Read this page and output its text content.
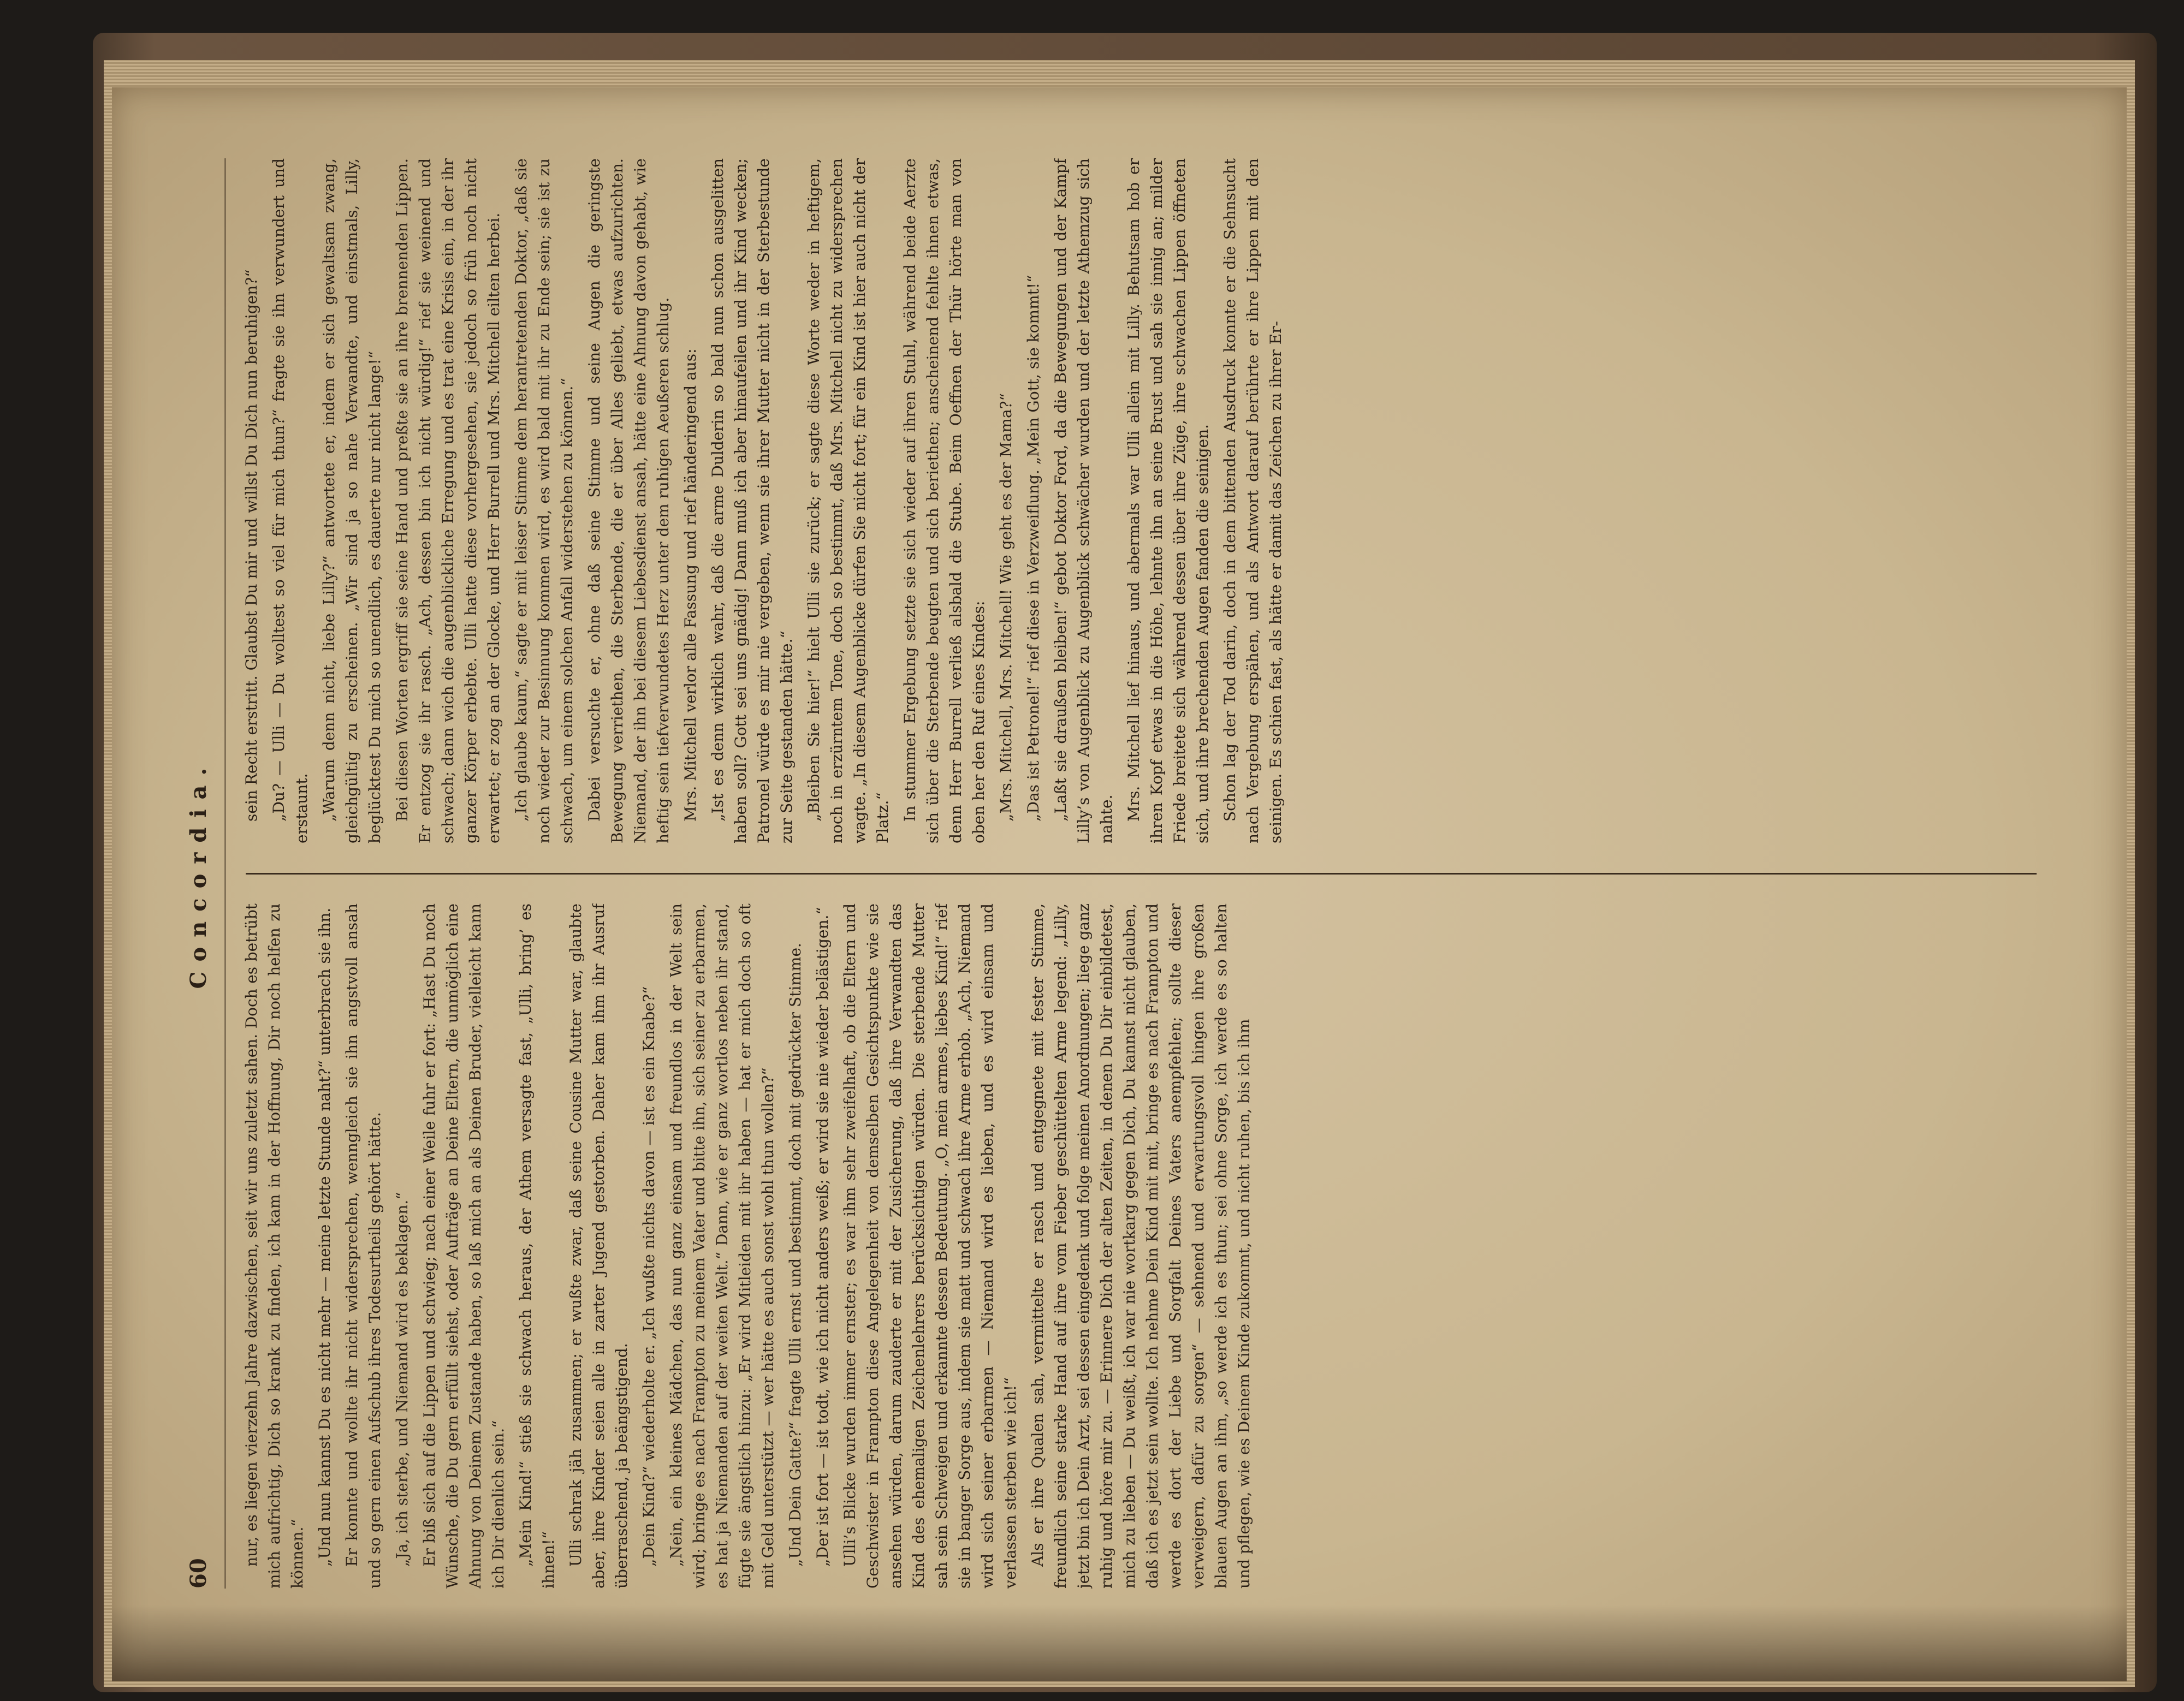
60
Concordia.

nur, es liegen vierzehn Jahre dazwischen, seit wir uns zuletzt sahen. Doch es betrübt mich aufrichtig, Dich so krank zu finden, ich kam in der Hoffnung, Dir noch helfen zu können.“ „Und nun kannst Du es nicht mehr — meine letzte Stunde naht?“ unterbrach sie ihn. Er konnte und wollte ihr nicht widersprechen, wenngleich sie ihn angstvoll ansah und so gern einen Aufschub ihres Todesurtheils gehört hätte. „Ja, ich sterbe, und Niemand wird es beklagen.“ Er biß sich auf die Lippen und schwieg; nach einer Weile fuhr er fort: „Hast Du noch Wünsche, die Du gern erfüllt siehst, oder Aufträge an Deine Eltern, die unmöglich eine Ahnung von Deinem Zustande haben, so laß mich an als Deinen Bruder, vielleicht kann ich Dir dienlich sein.“ „Mein Kind!“ stieß sie schwach heraus, der Athem versagte fast, „Ulli, bring’ es ihnen!“ Ulli schrak jäh zusammen; er wußte zwar, daß seine Cousine Mutter war, glaubte aber, ihre Kinder seien alle in zarter Jugend gestorben. Daher kam ihm ihr Ausruf überraschend, ja beängstigend. „Dein Kind?“ wiederholte er. „Ich wußte nichts davon — ist es ein Knabe?“ „Nein, ein kleines Mädchen, das nun ganz einsam und freundlos in der Welt sein wird; bringe es nach Frampton zu meinem Vater und bitte ihn, sich seiner zu erbarmen, es hat ja Niemanden auf der weiten Welt.“ Dann, wie er ganz wortlos neben ihr stand, fügte sie ängstlich hinzu: „Er wird Mitleiden mit ihr haben — hat er mich doch so oft mit Geld unterstützt — wer hätte es auch sonst wohl thun wollen?“ „Und Dein Gatte?“ fragte Ulli ernst und bestimmt, doch mit gedrückter Stimme. „Der ist fort — ist todt, wie ich nicht anders weiß; er wird sie nie wieder belästigen.“ Ulli’s Blicke wurden immer ernster; es war ihm sehr zweifelhaft, ob die Eltern und Geschwister in Frampton diese Angelegenheit von demselben Gesichtspunkte wie sie ansehen würden, darum zauderte er mit der Zusicherung, daß ihre Verwandten das Kind des ehemaligen Zeichenlehrers berücksichtigen würden. Die sterbende Mutter sah sein Schweigen und erkannte dessen Bedeutung. „O, mein armes, liebes Kind!“ rief sie in banger Sorge aus, indem sie matt und schwach ihre Arme erhob. „Ach, Niemand wird sich seiner erbarmen — Niemand wird es lieben, und es wird einsam und verlassen sterben wie ich!“ Als er ihre Qualen sah, vermittelte er rasch und entgegnete mit fester Stimme, freundlich seine starke Hand auf ihre vom Fieber geschüttelten Arme legend: „Lilly, jetzt bin ich Dein Arzt, sei dessen eingedenk und folge meinen Anordnungen; liege ganz ruhig und höre mir zu. — Erinnere Dich der alten Zeiten, in denen Du Dir einbildetest, mich zu lieben — Du weißt, ich war nie wortkarg gegen Dich, Du kannst nicht glauben, daß ich es jetzt sein wollte. Ich nehme Dein Kind mit mit, bringe es nach Frampton und werde es dort der Liebe und Sorgfalt Deines Vaters anempfehlen; sollte dieser verweigern, dafür zu sorgen“ — sehnend und erwartungsvoll hingen ihre großen blauen Augen an ihm, „so werde ich es thun; sei ohne Sorge, ich werde es so halten und pflegen, wie es Deinem Kinde zukommt, und nicht ruhen, bis ich ihm

sein Recht erstritt. Glaubst Du mir und willst Du Dich nun beruhigen?“ „Du? — Ulli — Du wolltest so viel für mich thun?“ fragte sie ihn verwundert und erstaunt. „Warum denn nicht, liebe Lilly?“ antwortete er, indem er sich gewaltsam zwang, gleichgültig zu erscheinen. „Wir sind ja so nahe Verwandte, und einstmals, Lilly, beglücktest Du mich so unendlich, es dauerte nur nicht lange!“ Bei diesen Worten ergriff sie seine Hand und preßte sie an ihre brennenden Lippen. Er entzog sie ihr rasch. „Ach, dessen bin ich nicht würdig!“ rief sie weinend und schwach; dann wich die augenblickliche Erregung und es trat eine Krisis ein, in der ihr ganzer Körper erbebte. Ulli hatte diese vorhergesehen, sie jedoch so früh noch nicht erwartet; er zog an der Glocke, und Herr Burrell und Mrs. Mitchell eilten herbei. „Ich glaube kaum,“ sagte er mit leiser Stimme dem herantretenden Doktor, „daß sie noch wieder zur Besinnung kommen wird, es wird bald mit ihr zu Ende sein; sie ist zu schwach, um einem solchen Anfall widerstehen zu können.“ Dabei versuchte er, ohne daß seine Stimme und seine Augen die geringste Bewegung verriethen, die Sterbende, die er über Alles geliebt, etwas aufzurichten. Niemand, der ihn bei diesem Liebesdienst ansah, hätte eine Ahnung davon gehabt, wie heftig sein tiefverwundetes Herz unter dem ruhigen Aeußeren schlug. Mrs. Mitchell verlor alle Fassung und rief händeringend aus: „Ist es denn wirklich wahr, daß die arme Dulderin so bald nun schon ausgelitten haben soll? Gott sei uns gnädig! Dann muß ich aber hinaufeilen und ihr Kind wecken; Patronel würde es mir nie vergeben, wenn sie ihrer Mutter nicht in der Sterbestunde zur Seite gestanden hätte.“ „Bleiben Sie hier!“ hielt Ulli sie zurück; er sagte diese Worte weder in heftigem, noch in erzürntem Tone, doch so bestimmt, daß Mrs. Mitchell nicht zu widersprechen wagte. „In diesem Augenblicke dürfen Sie nicht fort; für ein Kind ist hier auch nicht der Platz.“ In stummer Ergebung setzte sie sich wieder auf ihren Stuhl, während beide Aerzte sich über die Sterbende beugten und sich beriethen; anscheinend fehlte ihnen etwas, denn Herr Burrell verließ alsbald die Stube. Beim Oeffnen der Thür hörte man von oben her den Ruf eines Kindes: „Mrs. Mitchell, Mrs. Mitchell! Wie geht es der Mama?“ „Das ist Petronel!“ rief diese in Verzweiflung. „Mein Gott, sie kommt!“ „Laßt sie draußen bleiben!“ gebot Doktor Ford, da die Bewegungen und der Kampf Lilly’s von Augenblick zu Augenblick schwächer wurden und der letzte Athemzug sich nahte. Mrs. Mitchell lief hinaus, und abermals war Ulli allein mit Lilly. Behutsam hob er ihren Kopf etwas in die Höhe, lehnte ihn an seine Brust und sah sie innig an; milder Friede breitete sich während dessen über ihre Züge, ihre schwachen Lippen öffneten sich, und ihre brechenden Augen fanden die seinigen. Schon lag der Tod darin, doch in dem bittenden Ausdruck konnte er die Sehnsucht nach Vergebung erspähen, und als Antwort darauf berührte er ihre Lippen mit den seinigen. Es schien fast, als hätte er damit das Zeichen zu ihrer Er-
